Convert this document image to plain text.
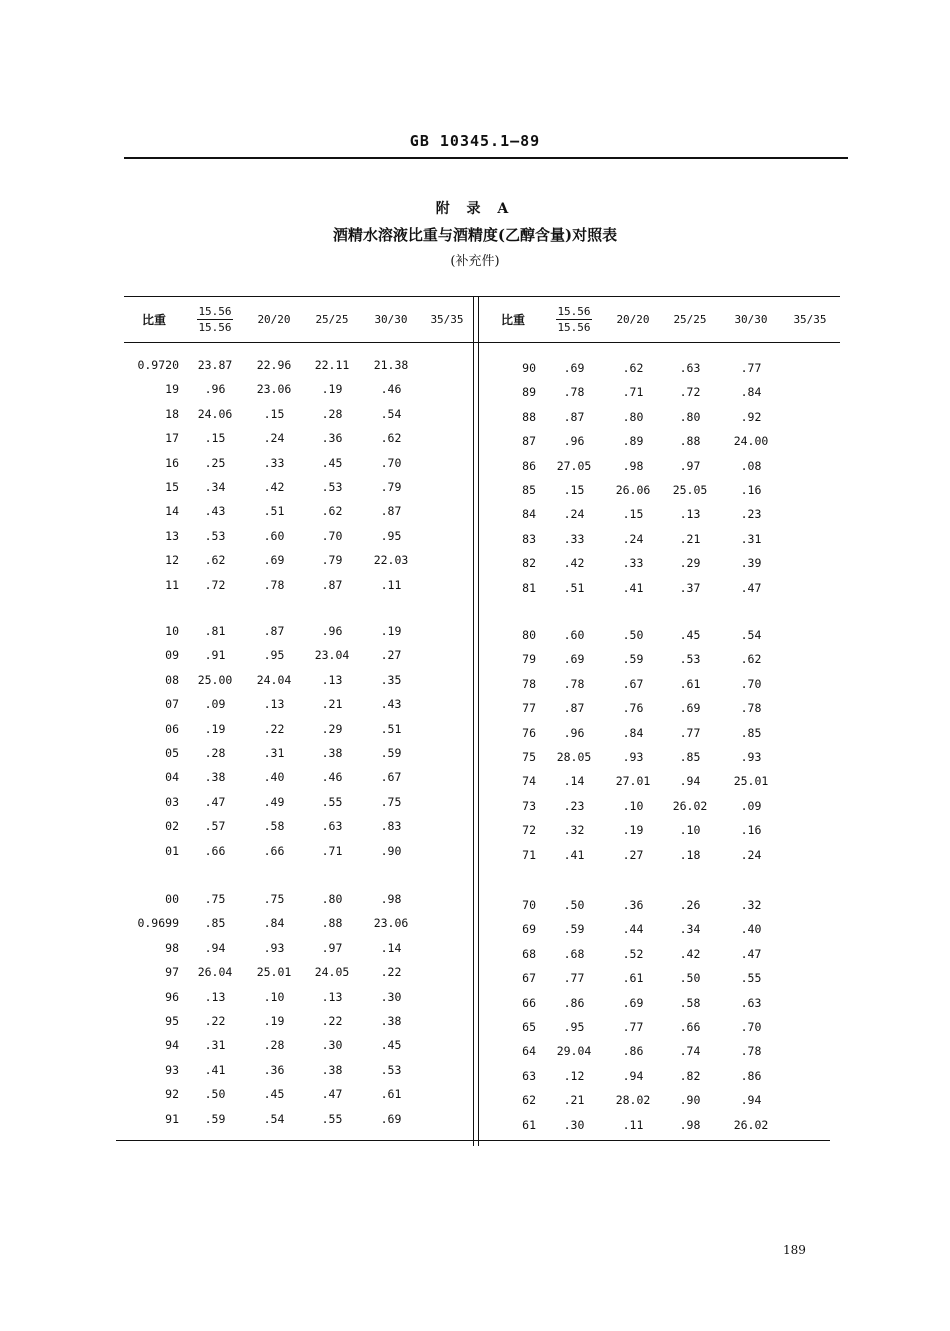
GB 10345.1—89
附 录 A
酒精水溶液比重与酒精度(乙醇含量)对照表
(补充件)
比重	$\frac{15.56}{15.56}$	20/20	25/25	30/30	35/35
0.9720	23.87	22.96	22.11	21.38
19	.96	23.06	.19	.46
18	24.06	.15	.28	.54
17	.15	.24	.36	.62
16	.25	.33	.45	.70
15	.34	.42	.53	.79
14	.43	.51	.62	.87
13	.53	.60	.70	.95
12	.62	.69	.79	22.03
11	.72	.78	.87	.11
10	.81	.87	.96	.19
09	.91	.95	23.04	.27
08	25.00	24.04	.13	.35
07	.09	.13	.21	.43
06	.19	.22	.29	.51
05	.28	.31	.38	.59
04	.38	.40	.46	.67
03	.47	.49	.55	.75
02	.57	.58	.63	.83
01	.66	.66	.71	.90
00	.75	.75	.80	.98
0.9699	.85	.84	.88	23.06
98	.94	.93	.97	.14
97	26.04	25.01	24.05	.22
96	.13	.10	.13	.30
95	.22	.19	.22	.38
94	.31	.28	.30	.45
93	.41	.36	.38	.53
92	.50	.45	.47	.61
91	.59	.54	.55	.69
比重	$\frac{15.56}{15.56}$	20/20	25/25	30/30	35/35
90	.69	.62	.63	.77
89	.78	.71	.72	.84
88	.87	.80	.80	.92
87	.96	.89	.88	24.00
86	27.05	.98	.97	.08
85	.15	26.06	25.05	.16
84	.24	.15	.13	.23
83	.33	.24	.21	.31
82	.42	.33	.29	.39
81	.51	.41	.37	.47
80	.60	.50	.45	.54
79	.69	.59	.53	.62
78	.78	.67	.61	.70
77	.87	.76	.69	.78
76	.96	.84	.77	.85
75	28.05	.93	.85	.93
74	.14	27.01	.94	25.01
73	.23	.10	26.02	.09
72	.32	.19	.10	.16
71	.41	.27	.18	.24
70	.50	.36	.26	.32
69	.59	.44	.34	.40
68	.68	.52	.42	.47
67	.77	.61	.50	.55
66	.86	.69	.58	.63
65	.95	.77	.66	.70
64	29.04	.86	.74	.78
63	.12	.94	.82	.86
62	.21	28.02	.90	.94
61	.30	.11	.98	26.02
189
